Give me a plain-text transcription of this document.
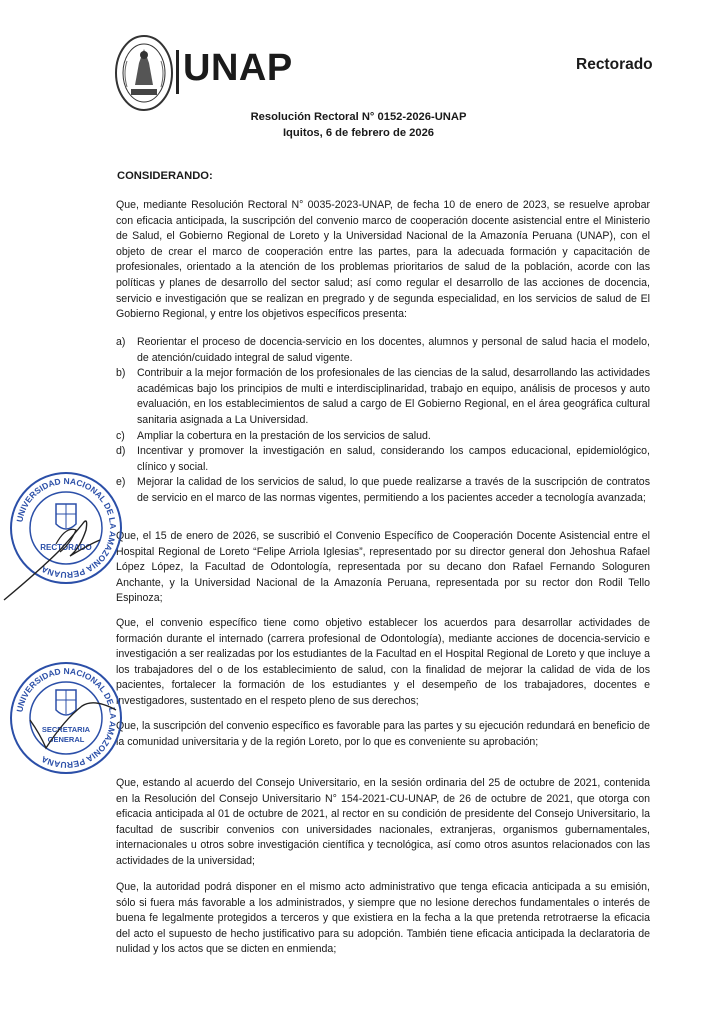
UNAP	Rectorado
Resolución Rectoral N° 0152-2026-UNAP
Iquitos, 6 de febrero de 2026
CONSIDERANDO:

Que, mediante Resolución Rectoral N° 0035-2023-UNAP, de fecha 10 de enero de 2023, se resuelve aprobar con eficacia anticipada, la suscripción del convenio marco de cooperación docente asistencial entre el Ministerio de Salud, el Gobierno Regional de Loreto y la Universidad Nacional de la Amazonía Peruana (UNAP), con el objeto de crear el marco de cooperación entre las partes, para la adecuada formación y capacitación de profesionales, orientado a la atención de los problemas prioritarios de salud de la población, acorde con las políticas y planes de desarrollo del sector salud; así como regular el desarrollo de las acciones de docencia, servicio e investigación que se realizan en pregrado y de segunda especialidad, en los servicios de salud de El Gobierno Regional, y entre los objetivos específicos presenta:

a) Reorientar el proceso de docencia-servicio en los docentes, alumnos y personal de salud hacia el modelo, de atención/cuidado integral de salud vigente.
b) Contribuir a la mejor formación de los profesionales de las ciencias de la salud, desarrollando las actividades académicas bajo los principios de multi e interdisciplinaridad, trabajo en equipo, análisis de procesos y auto evaluación, en los establecimientos de salud a cargo de El Gobierno Regional, en el área geográfica cultural sanitaria asignada a La Universidad.
c) Ampliar la cobertura en la prestación de los servicios de salud.
d) Incentivar y promover la investigación en salud, considerando los campos educacional, epidemiológico, clínico y social.
e) Mejorar la calidad de los servicios de salud, lo que puede realizarse a través de la suscripción de contratos de servicio en el marco de las normas vigentes, permitiendo a los pacientes acceder a tecnología avanzada;

Que, el 15 de enero de 2026, se suscribió el Convenio Específico de Cooperación Docente Asistencial entre el Hospital Regional de Loreto “Felipe Arriola Iglesias”, representado por su director general don Jehoshua Rafael López López, la Facultad de Odontología, representada por su decano don Rafael Fernando Sologuren Anchante, y la Universidad Nacional de la Amazonía Peruana, representada por su rector don Rodil Tello Espinoza;

Que, el convenio específico tiene como objetivo establecer los acuerdos para desarrollar actividades de formación durante el internado (carrera profesional de Odontología), mediante acciones de docencia-servicio e investigación a ser realizadas por los estudiantes de la Facultad en el Hospital Regional de Loreto y que incluye a los trabajadores del o de los establecimiento de salud, con la finalidad de mejorar la calidad de vida de los pacientes, fortalecer la formación de los estudiantes y el desempeño de los trabajadores, docentes e investigadores, sustentado en el respeto pleno de sus derechos;

Que, la suscripción del convenio específico es favorable para las partes y su ejecución redundará en beneficio de la comunidad universitaria y de la región Loreto, por lo que es conveniente su aprobación;

Que, estando al acuerdo del Consejo Universitario, en la sesión ordinaria del 25 de octubre de 2021, contenida en la Resolución del Consejo Universitario N° 154-2021-CU-UNAP, de 26 de octubre de 2021, que otorga con eficacia anticipada al 01 de octubre de 2021, al rector en su condición de presidente del Consejo Universitario, la facultad de suscribir convenios con universidades nacionales, extranjeras, organismos gubernamentales, internacionales u otros sobre investigación científica y tecnológica, así como otros asuntos relacionados con las actividades de la universidad;

Que, la autoridad podrá disponer en el mismo acto administrativo que tenga eficacia anticipada a su emisión, sólo si fuera más favorable a los administrados, y siempre que no lesione derechos fundamentales o interés de buena fe legalmente protegidos a terceros y que existiera en la fecha a la que pretenda retrotraerse la eficacia del acto el supuesto de hecho justificativo para su adopción. También tiene eficacia anticipada la declaratoria de nulidad y los actos que se dicten en enmienda;

UNIVERSIDAD NACIONAL DE LA AMAZONIA PERUANA
RECTORADO
UNIVERSIDAD NACIONAL DE LA AMAZONIA PERUANA
SECRETARIA
GENERAL
